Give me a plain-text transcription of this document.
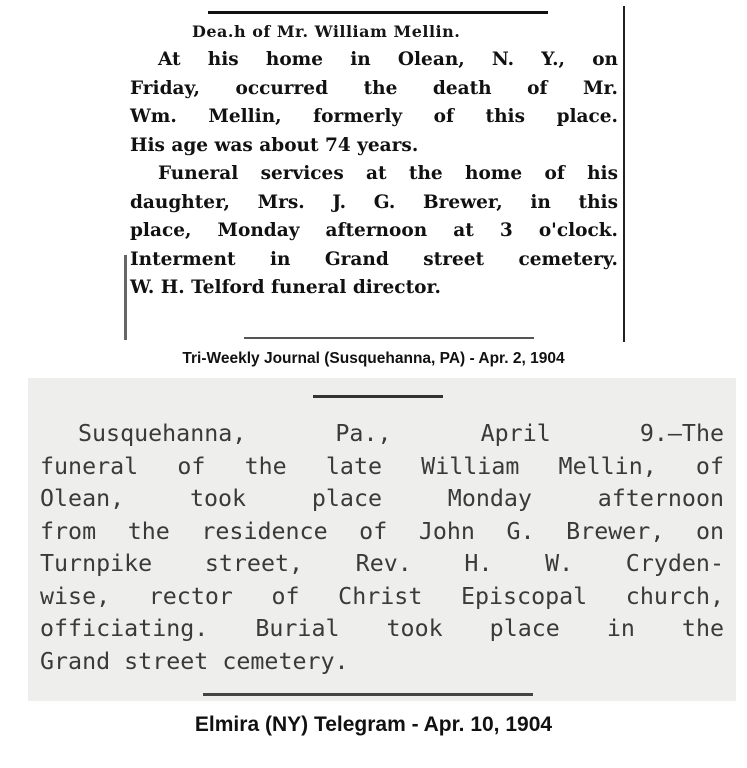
Dea.h of Mr. William Mellin.
At his home in Olean, N. Y., on
Friday, occurred the death of Mr.
Wm. Mellin, formerly of this place.
His age was about 74 years.
Funeral services at the home of his
daughter, Mrs. J. G. Brewer, in this
place, Monday afternoon at 3 o'clock.
Interment in Grand street cemetery.
W. H. Telford funeral director.
Tri-Weekly Journal (Susquehanna, PA) - Apr. 2, 1904
Susquehanna, Pa., April 9.—The
funeral of the late William Mellin, of
Olean, took place Monday afternoon
from the residence of John G. Brewer, on
Turnpike street, Rev. H. W. Cryden-
wise, rector of Christ Episcopal church,
officiating. Burial took place in the
Grand street cemetery.
Elmira (NY) Telegram - Apr. 10, 1904
